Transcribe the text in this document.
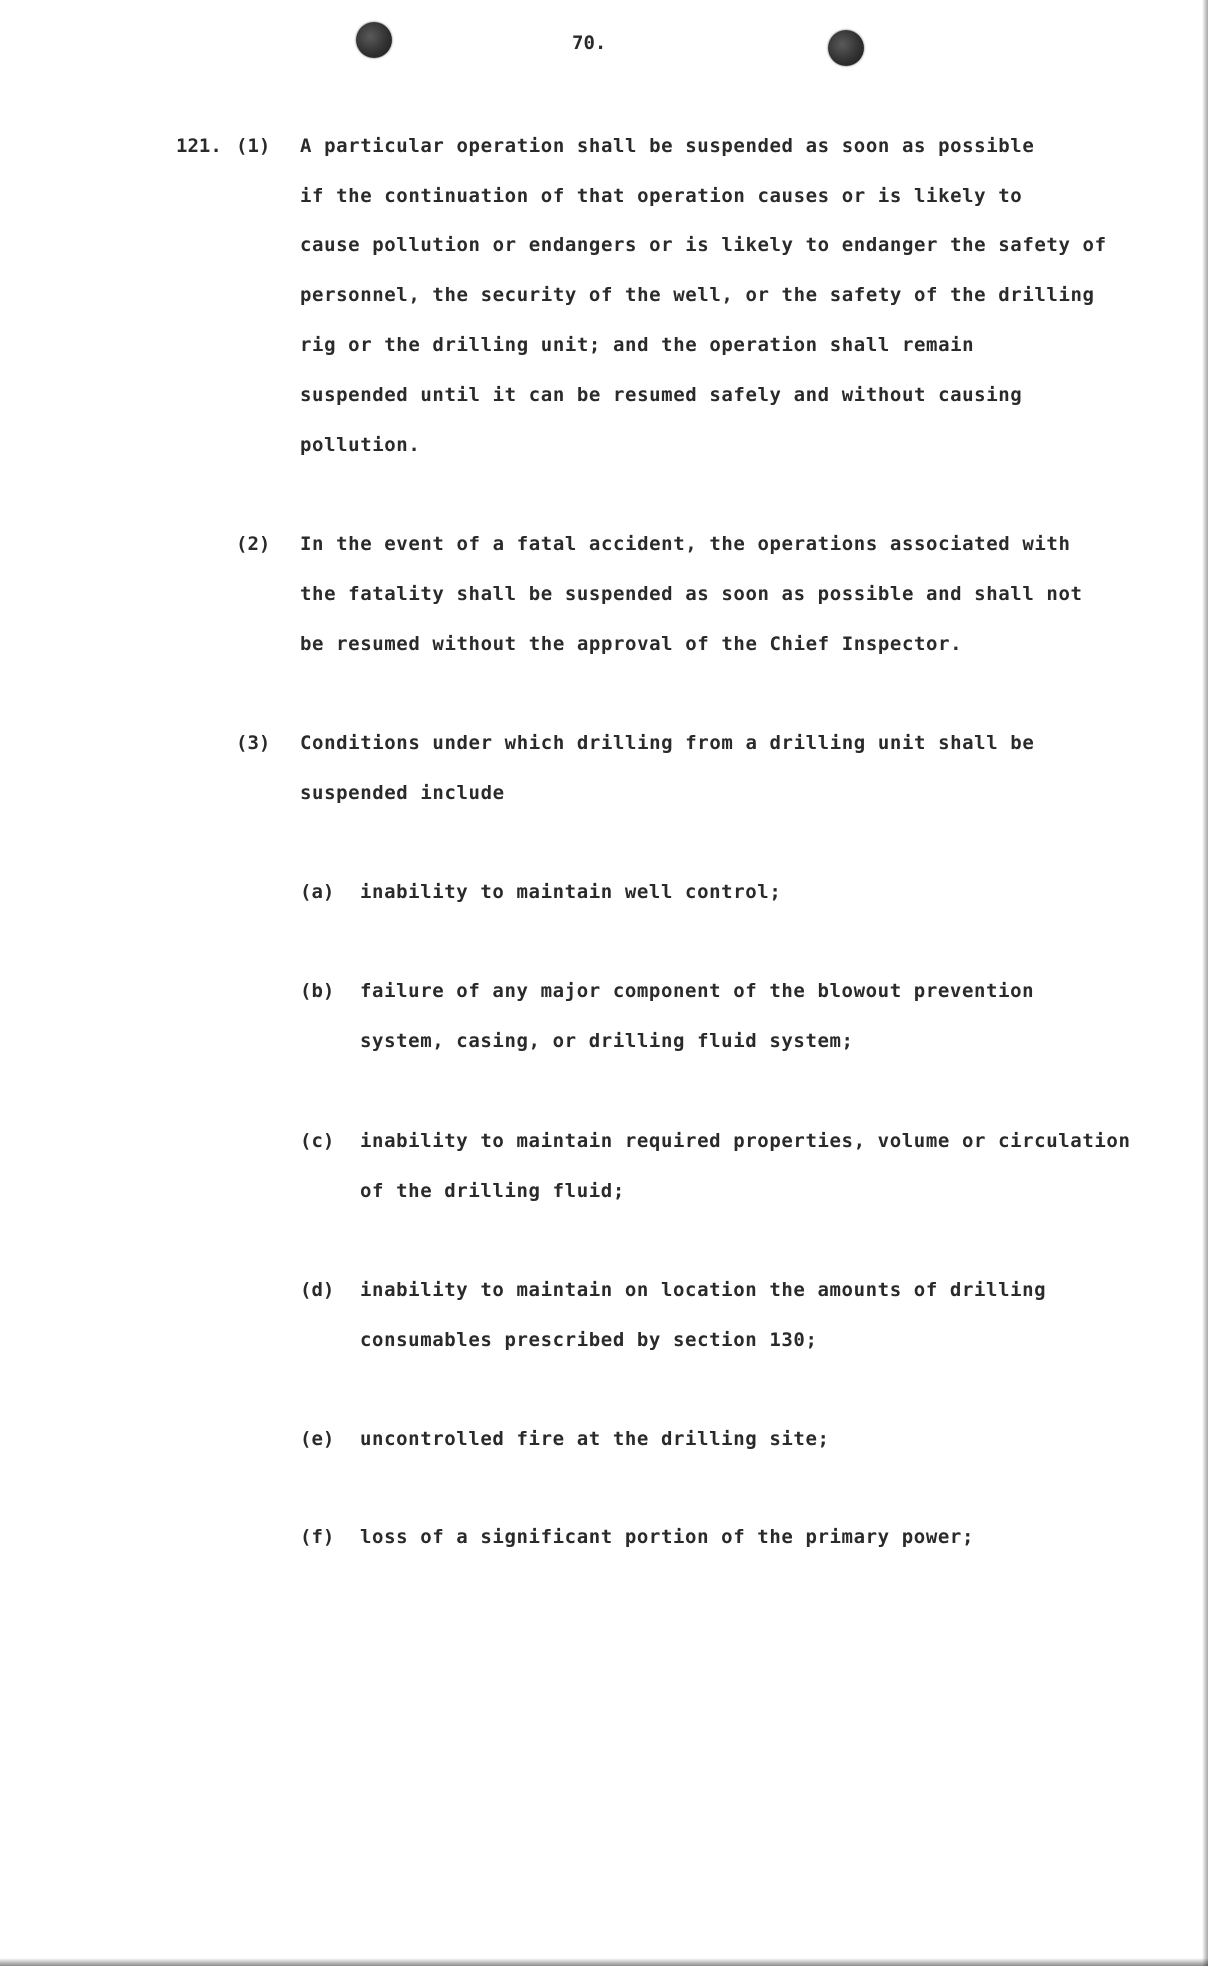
70.
121. (1) A particular operation shall be suspended as soon as possible
if the continuation of that operation causes or is likely to
cause pollution or endangers or is likely to endanger the safety of
personnel, the security of the well, or the safety of the drilling
rig or the drilling unit; and the operation shall remain
suspended until it can be resumed safely and without causing
pollution.
(2) In the event of a fatal accident, the operations associated with
the fatality shall be suspended as soon as possible and shall not
be resumed without the approval of the Chief Inspector.
(3) Conditions under which drilling from a drilling unit shall be
suspended include
(a) inability to maintain well control;
(b) failure of any major component of the blowout prevention
system, casing, or drilling fluid system;
(c) inability to maintain required properties, volume or circulation
of the drilling fluid;
(d) inability to maintain on location the amounts of drilling
consumables prescribed by section 130;
(e) uncontrolled fire at the drilling site;
(f) loss of a significant portion of the primary power;
